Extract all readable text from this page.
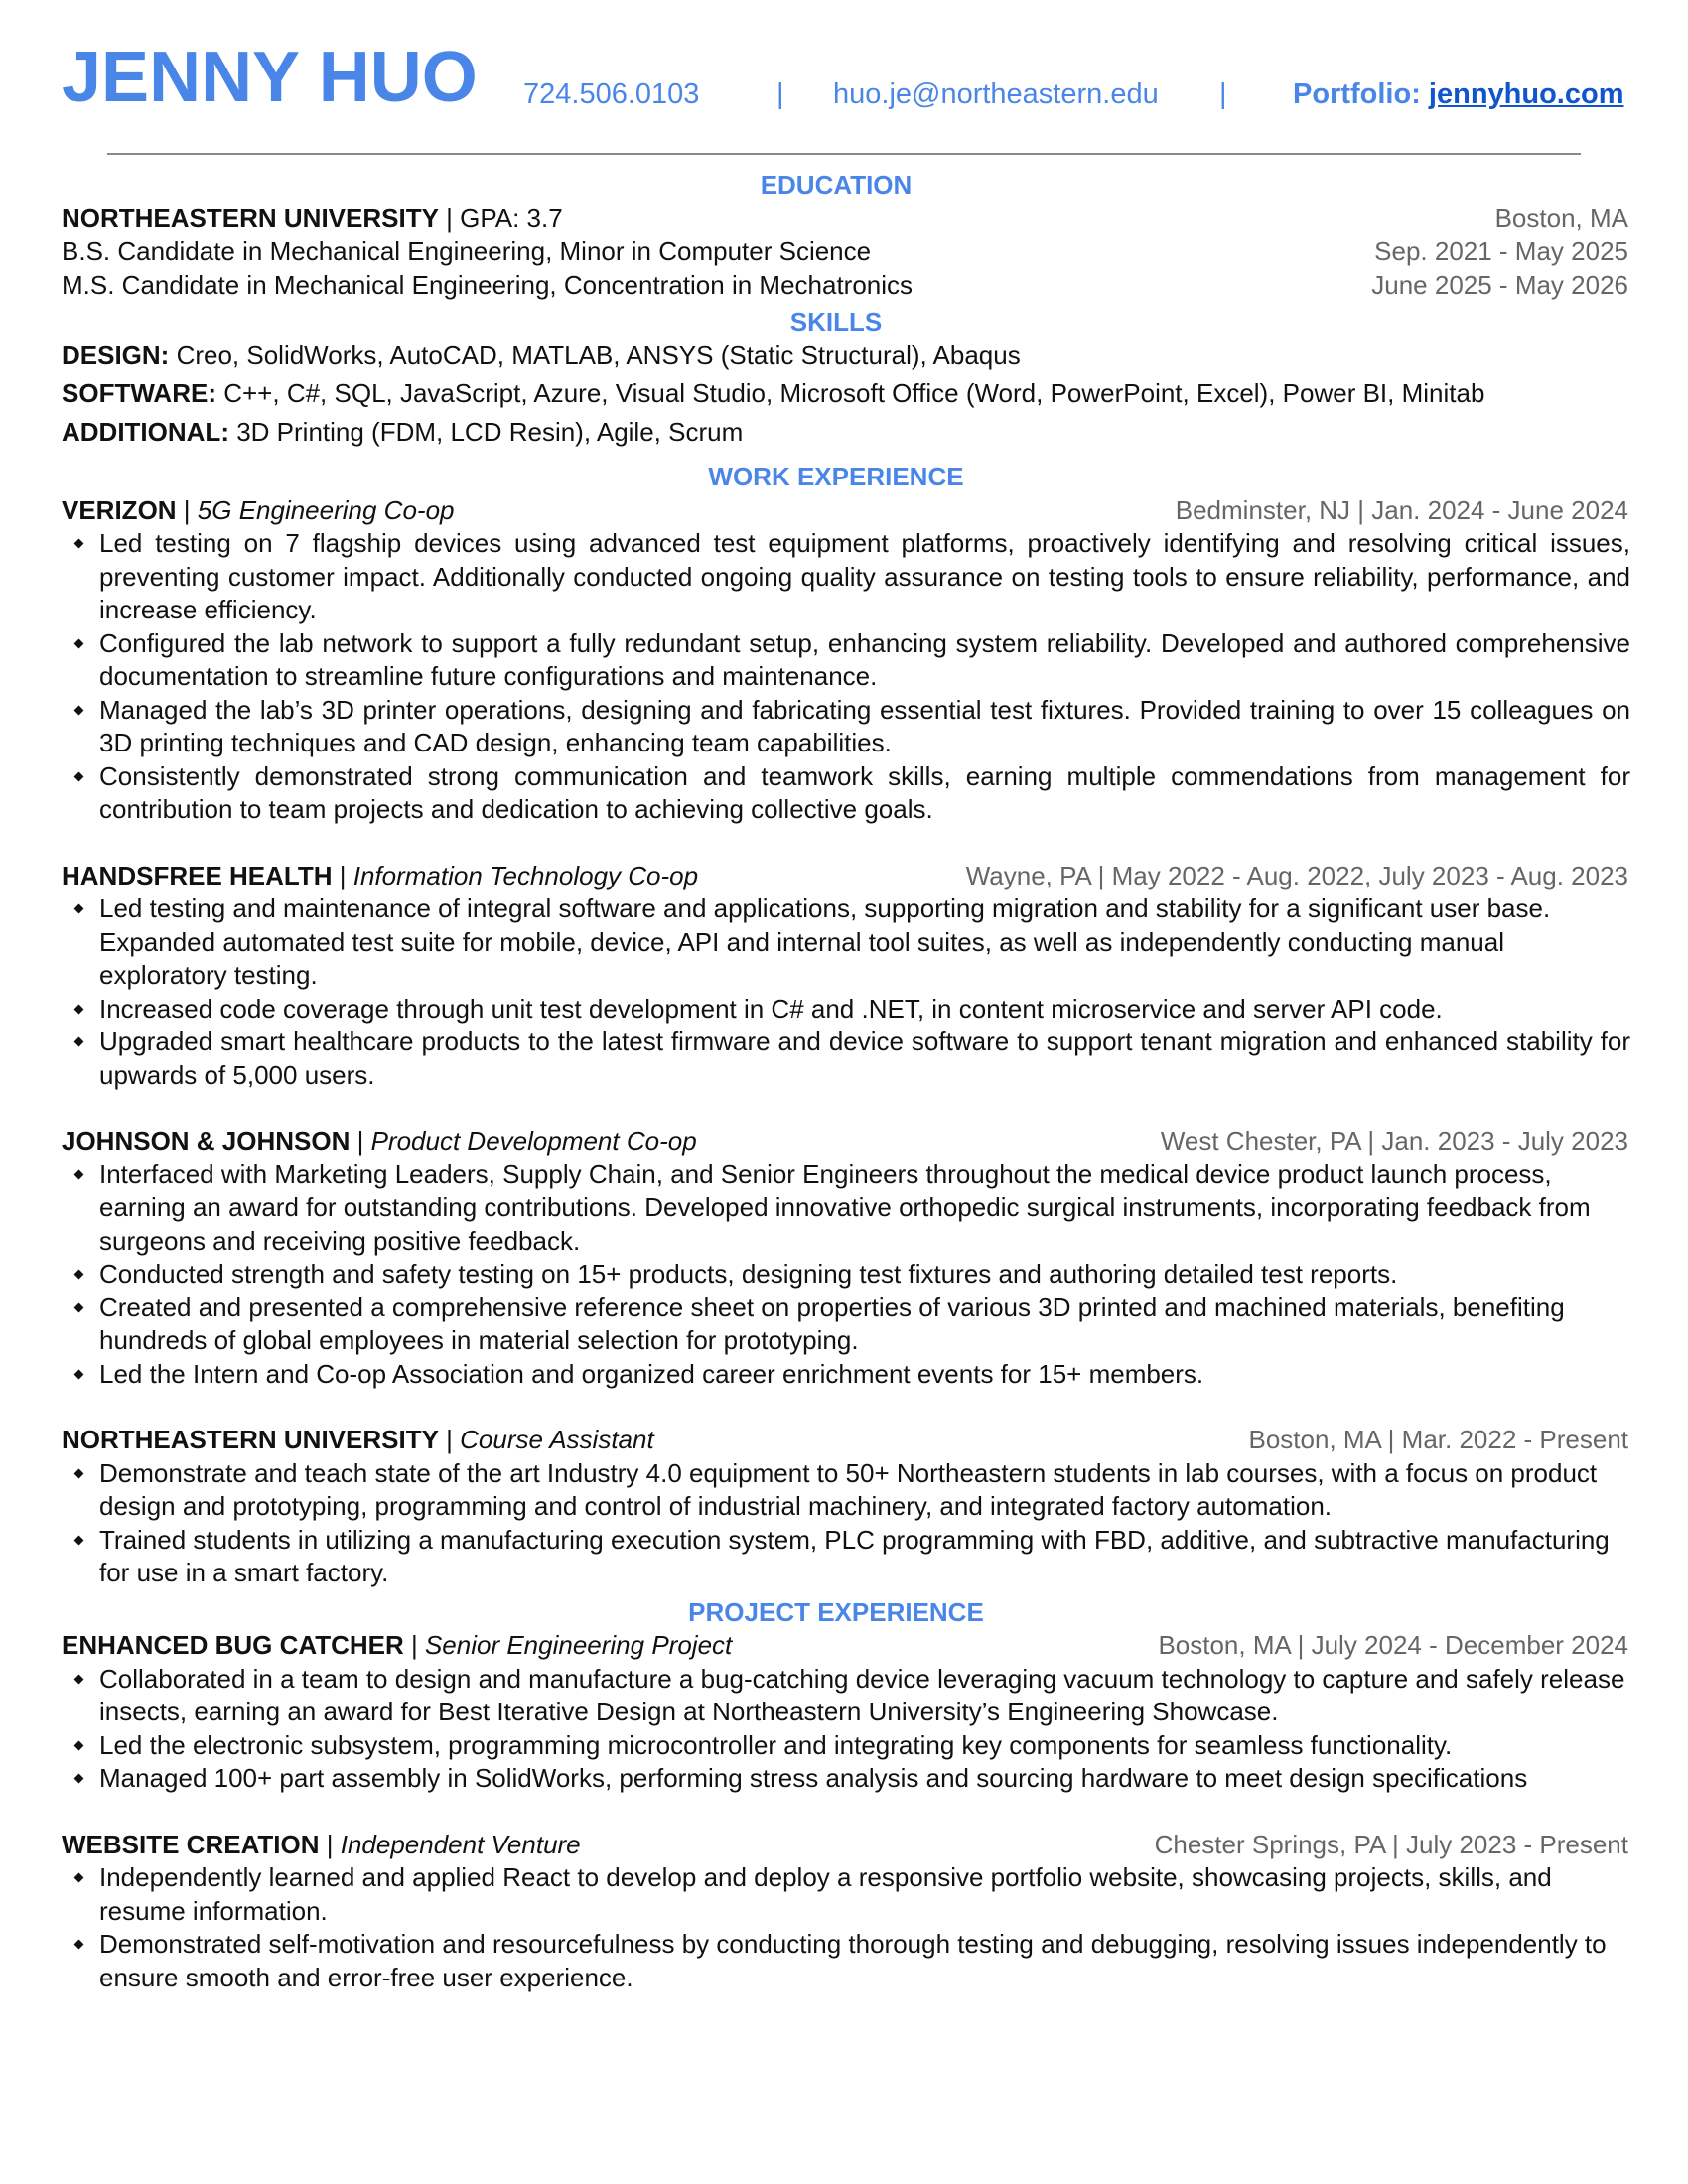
JENNY HUO 724.506.0103	| huo.je@northeastern.edu | Portfolio: jennyhuo.com
EDUCATION
NORTHEASTERN UNIVERSITY | GPA: 3.7	Boston, MA
B.S. Candidate in Mechanical Engineering, Minor in Computer Science	Sep. 2021 - May 2025
M.S. Candidate in Mechanical Engineering, Concentration in Mechatronics	June 2025 - May 2026
SKILLS
DESIGN: Creo, SolidWorks, AutoCAD, MATLAB, ANSYS (Static Structural), Abaqus
SOFTWARE: C++, C#, SQL, JavaScript, Azure, Visual Studio, Microsoft Office (Word, PowerPoint, Excel), Power BI, Minitab
ADDITIONAL: 3D Printing (FDM, LCD Resin), Agile, Scrum
WORK EXPERIENCE
VERIZON | 5G Engineering Co-op	Bedminster, NJ | Jan. 2024 - June 2024
Led testing on 7 flagship devices using advanced test equipment platforms, proactively identifying and resolving critical issues, preventing customer impact. Additionally conducted ongoing quality assurance on testing tools to ensure reliability, performance, and increase efficiency.
Configured the lab network to support a fully redundant setup, enhancing system reliability. Developed and authored comprehensive documentation to streamline future configurations and maintenance.
Managed the lab’s 3D printer operations, designing and fabricating essential test fixtures. Provided training to over 15 colleagues on 3D printing techniques and CAD design, enhancing team capabilities.
Consistently demonstrated strong communication and teamwork skills, earning multiple commendations from management for contribution to team projects and dedication to achieving collective goals.
HANDSFREE HEALTH | Information Technology Co-op	Wayne, PA | May 2022 - Aug. 2022, July 2023 - Aug. 2023
Led testing and maintenance of integral software and applications, supporting migration and stability for a significant user base. Expanded automated test suite for mobile, device, API and internal tool suites, as well as independently conducting manual exploratory testing.
Increased code coverage through unit test development in C# and .NET, in content microservice and server API code.
Upgraded smart healthcare products to the latest firmware and device software to support tenant migration and enhanced stability for upwards of 5,000 users.
JOHNSON & JOHNSON | Product Development Co-op	West Chester, PA | Jan. 2023 - July 2023
Interfaced with Marketing Leaders, Supply Chain, and Senior Engineers throughout the medical device product launch process, earning an award for outstanding contributions. Developed innovative orthopedic surgical instruments, incorporating feedback from surgeons and receiving positive feedback.
Conducted strength and safety testing on 15+ products, designing test fixtures and authoring detailed test reports.
Created and presented a comprehensive reference sheet on properties of various 3D printed and machined materials, benefiting hundreds of global employees in material selection for prototyping.
Led the Intern and Co-op Association and organized career enrichment events for 15+ members.
NORTHEASTERN UNIVERSITY | Course Assistant	Boston, MA | Mar. 2022 - Present
Demonstrate and teach state of the art Industry 4.0 equipment to 50+ Northeastern students in lab courses, with a focus on product design and prototyping, programming and control of industrial machinery, and integrated factory automation.
Trained students in utilizing a manufacturing execution system, PLC programming with FBD, additive, and subtractive manufacturing for use in a smart factory.
PROJECT EXPERIENCE
ENHANCED BUG CATCHER | Senior Engineering Project	Boston, MA | July 2024 - December 2024
Collaborated in a team to design and manufacture a bug-catching device leveraging vacuum technology to capture and safely release insects, earning an award for Best Iterative Design at Northeastern University’s Engineering Showcase.
Led the electronic subsystem, programming microcontroller and integrating key components for seamless functionality.
Managed 100+ part assembly in SolidWorks, performing stress analysis and sourcing hardware to meet design specifications
WEBSITE CREATION | Independent Venture	Chester Springs, PA | July 2023 - Present
Independently learned and applied React to develop and deploy a responsive portfolio website, showcasing projects, skills, and resume information.
Demonstrated self-motivation and resourcefulness by conducting thorough testing and debugging, resolving issues independently to ensure smooth and error-free user experience.
